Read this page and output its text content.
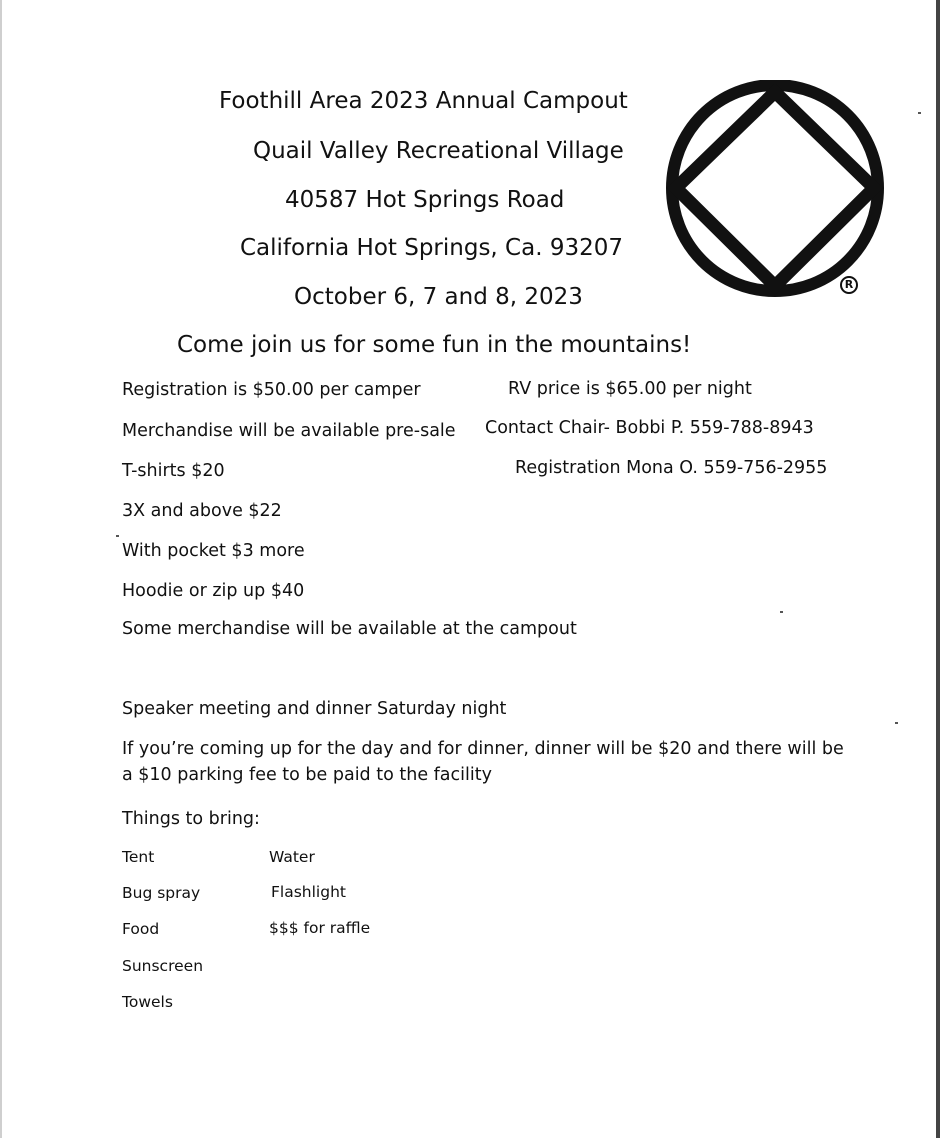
Foothill Area 2023 Annual Campout
Quail Valley Recreational Village
40587 Hot Springs Road
California Hot Springs, Ca. 93207
October 6, 7 and 8, 2023
Come join us for some fun in the mountains!
R
Registration is $50.00 per camper	RV price is $65.00 per night
Merchandise will be available pre-sale Contact Chair- Bobbi P. 559-788-8943
T-shirts $20	Registration Mona O. 559-756-2955
3X and above $22
With pocket $3 more
Hoodie or zip up $40
Some merchandise will be available at the campout
Speaker meeting and dinner Saturday night
If you’re coming up for the day and for dinner, dinner will be $20 and there will be a $10 parking fee to be paid to the facility
Things to bring:
Tent
Bug spray
Food
Sunscreen
Towels
Water
Flashlight
$$$ for raffle
